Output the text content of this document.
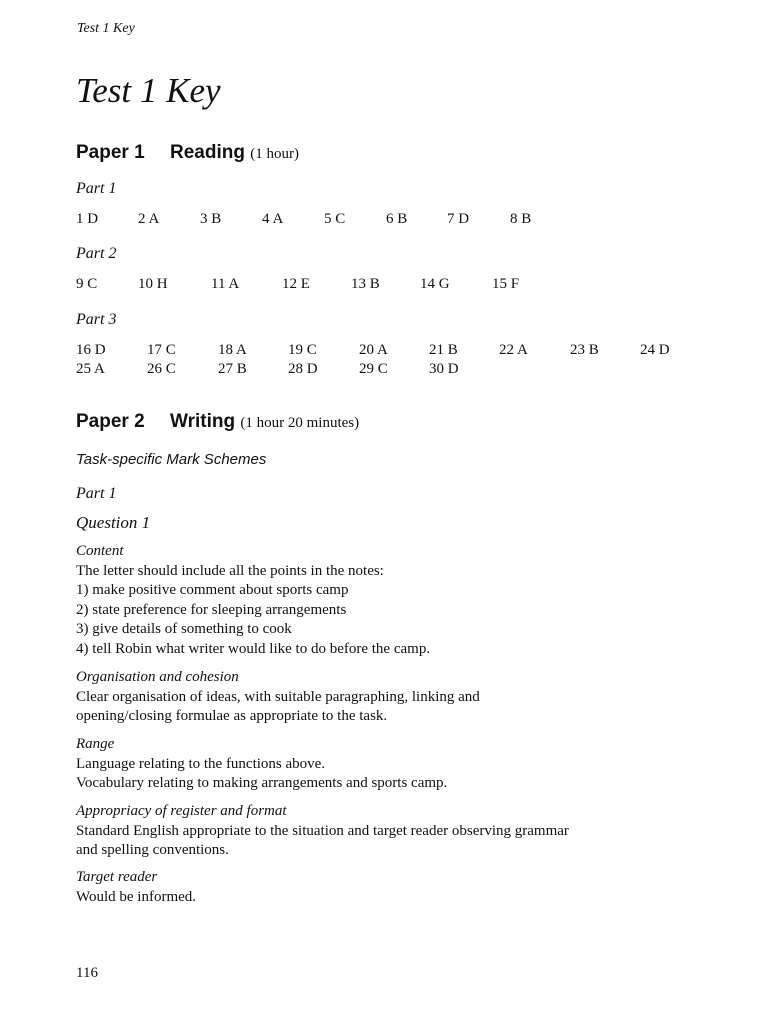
Test 1 Key
Test 1 Key
Paper 1 Reading (1 hour)
Part 1
1 D	2 A	3 B	4 A	5 C	6 B	7 D	8 B
Part 2
9 C	10 H	11 A	12 E	13 B	14 G	15 F
Part 3
16 D	17 C	18 A	19 C	20 A	21 B	22 A	23 B	24 D
25 A	26 C	27 B	28 D	29 C	30 D
Paper 2 Writing (1 hour 20 minutes)
Task-specific Mark Schemes
Part 1
Question 1
Content
The letter should include all the points in the notes:
1) make positive comment about sports camp
2) state preference for sleeping arrangements
3) give details of something to cook
4) tell Robin what writer would like to do before the camp.
Organisation and cohesion
Clear organisation of ideas, with suitable paragraphing, linking and
opening/closing formulae as appropriate to the task.
Range
Language relating to the functions above.
Vocabulary relating to making arrangements and sports camp.
Appropriacy of register and format
Standard English appropriate to the situation and target reader observing grammar
and spelling conventions.
Target reader
Would be informed.
116
